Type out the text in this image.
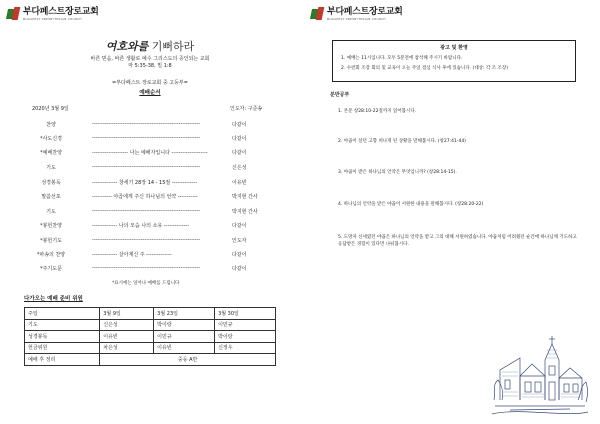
부다페스트장로교회
BUDAPEST PRESBYTERIAN CHURCH
여호와를 기뻐하라
바른 믿음, 바른 생활로 예수 그리스도의 증인되는 교회
마 5:35-38, 빌 1:8
=부다페스트 장로교회 중 고등부=
예배순서
2020년 3월 9일	인도자: 구준송
찬양	------------------------------------------------------------	다같이
*사도신경	------------------------------------------------------------	다같이
*예배찬양	-------------------- 나는 예배자입니다 --------------------	다같이
기도	------------------------------------------------------------	신은성
성경봉독	-------------- 창세기 28장 14 - 15절 --------------	이유빈
말씀선포	----------- 야곱에게 주신 하나님의 언약 -----------	박지현 간사
기도	------------------------------------------------------------	박지현 간사
*봉헌찬양	-------------- 나의 모습 나의 소유 --------------	다같이
*봉헌기도	------------------------------------------------------------	인도자
*파송의 찬양	-------------- 살아계신 주 --------------	다같이
*주기도문	------------------------------------------------------------	다같이
*표시에는 일어나 예배를 드립니다
다가오는 예배 준비 위원
주일	3월 9일	3월 23일	3월 30일
기도	신은성	박이랑	이민규
성경봉독	이유빈	이민규	박이랑
헌금위원	차은성	이유빈	신정우
예배 후 정리	중등 A반		
부다페스트장로교회
BUDAPEST PRESBYTERIAN CHURCH
광고 및 환영
1. 예배는 11시입니다. 모두 5분전에 참석해 주시기 바랍니다.
2. 수련회 조장 회의 및 교육이 오늘 주일 점심 식사 후에 있습니다. (대상: 각 조 조장)
분반공부
1. 본문 창28:10-22절까지 읽어봅시다.
2. 야곱이 살던 고향 떠나게 된 상황을 말해봅시다. (창27:41-44)
3. 야곱이 받은 하나님의 언약은 무엇입니까? (창28:14-15).
4. 하나님의 언약을 받은 야곱이 서원한 내용을 말해봅시다. (창28:20-22)
5. 도망자 신세였던 야곱은 하나님의 언약을 받고 그의 대해 서원하였습니다. 야곱처럼 어려웠던 순간에 하나님께 기도하고 응답받은 경험이 있다면 나눠봅시다.
